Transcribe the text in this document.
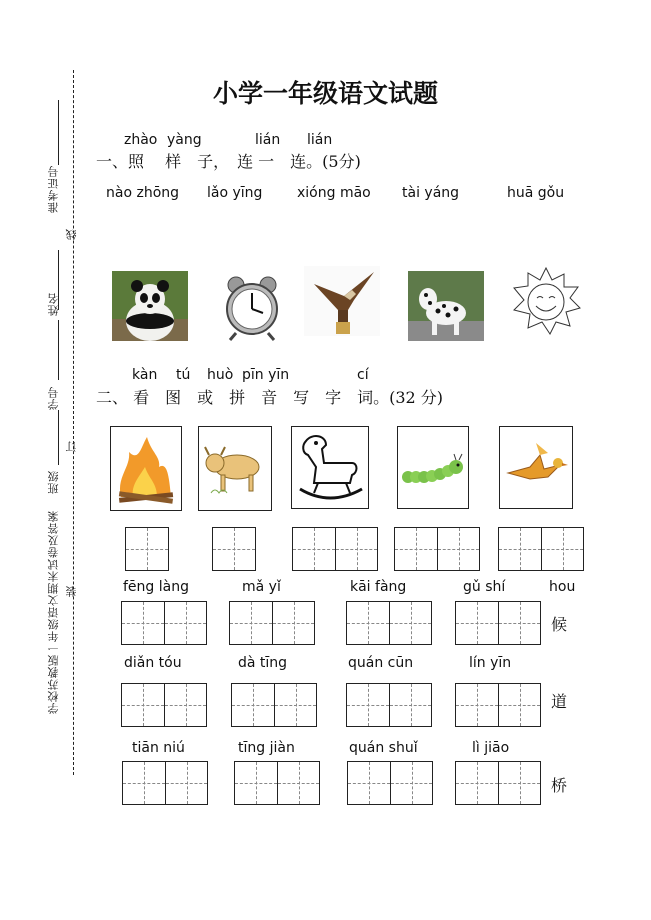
准考证号
线
姓名
学号
订
班级
学校苏教版一年级语文期末试卷及答案 装
小学一年级语文试题
zhào yàng	lián lián
一、照　 样　子，　连 一　连。(5分)
nào zhōng lǎo yīng xióng māo tài yáng	huā gǒu
kàn tú huò pīn yīn	cí
二、 看　图　或　拼　音　写　字　词。(32 分)
fēng làng	mǎ yǐ	kāi fàng	gǔ shí	hou
候
diǎn tóu	dà tīng	quán cūn	lín yīn
道
tiān niú	tīng jiàn	quán shuǐ	lì jiāo
桥
